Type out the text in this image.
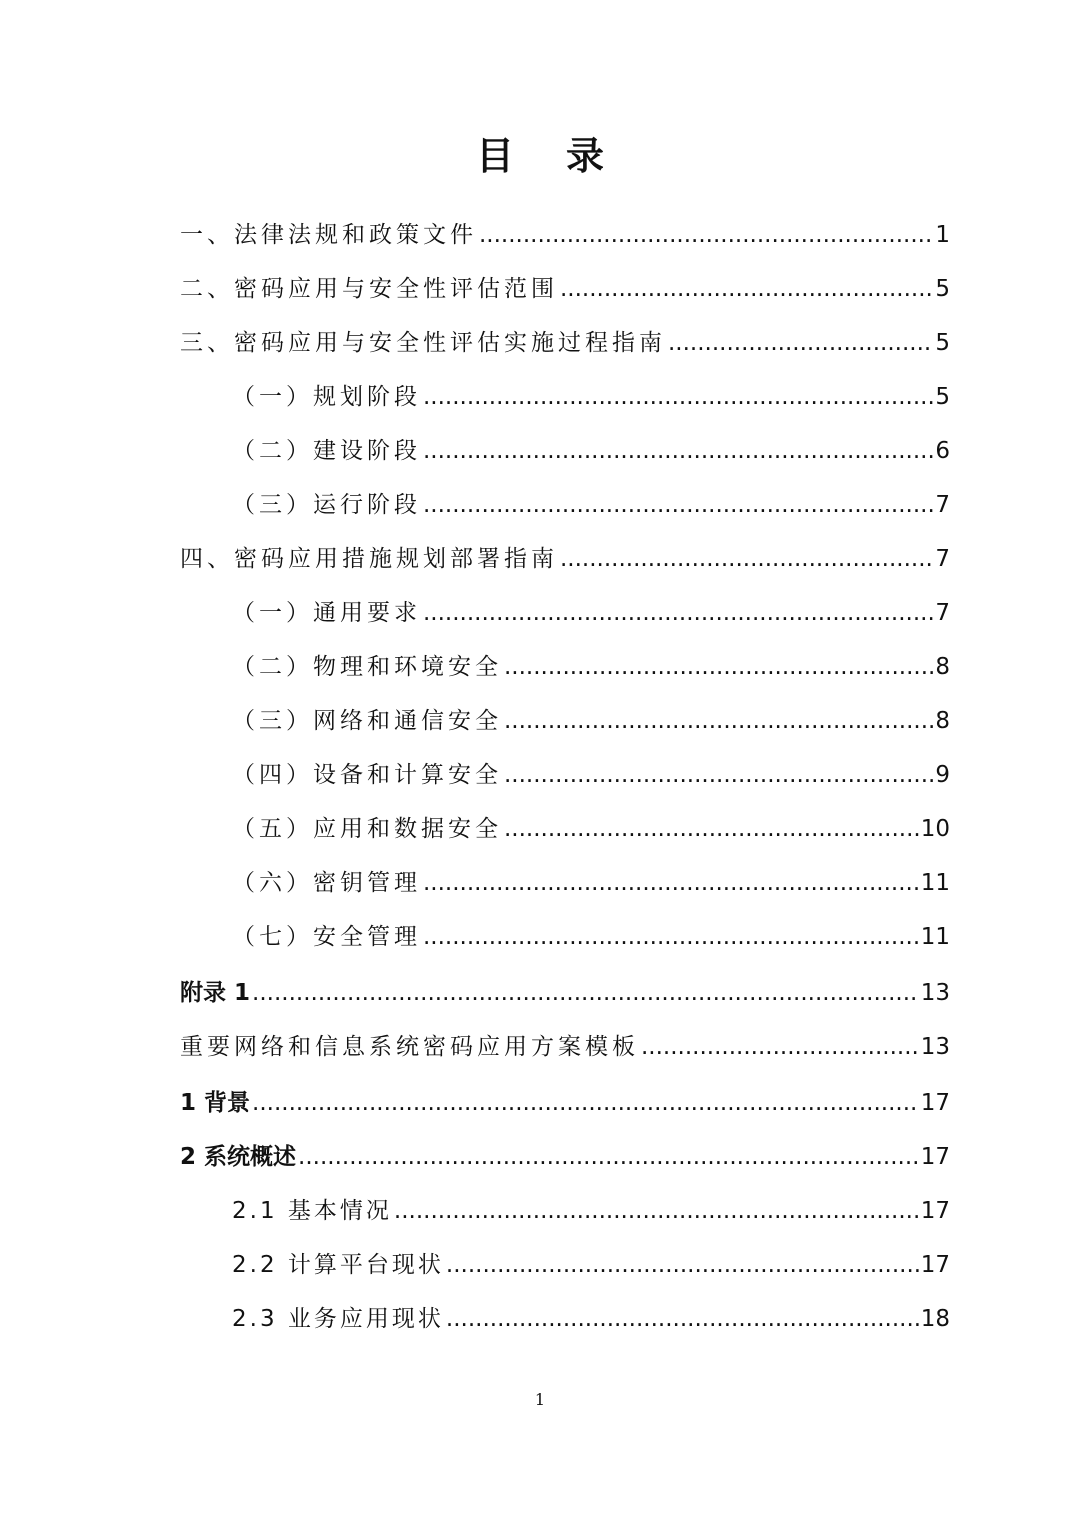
目录
一、法律法规和政策文件 .....	1
二、密码应用与安全性评估范围 .....	5
三、密码应用与安全性评估实施过程指南 .....	5
（一）规划阶段 .....	5
（二）建设阶段 .....	6
（三）运行阶段 .....	7
四、密码应用措施规划部署指南 .....	7
（一）通用要求 .....	7
（二）物理和环境安全 .....	8
（三）网络和通信安全 .....	8
（四）设备和计算安全 .....	9
（五）应用和数据安全 .....	10
（六）密钥管理 .....	11
（七）安全管理 .....	11
附录 1 .....	13
重要网络和信息系统密码应用方案模板 .....	13
1 背景 .....	17
2 系统概述 .....	17
2.1 基本情况 .....	17
2.2 计算平台现状 .....	17
2.3 业务应用现状 .....	18
1
